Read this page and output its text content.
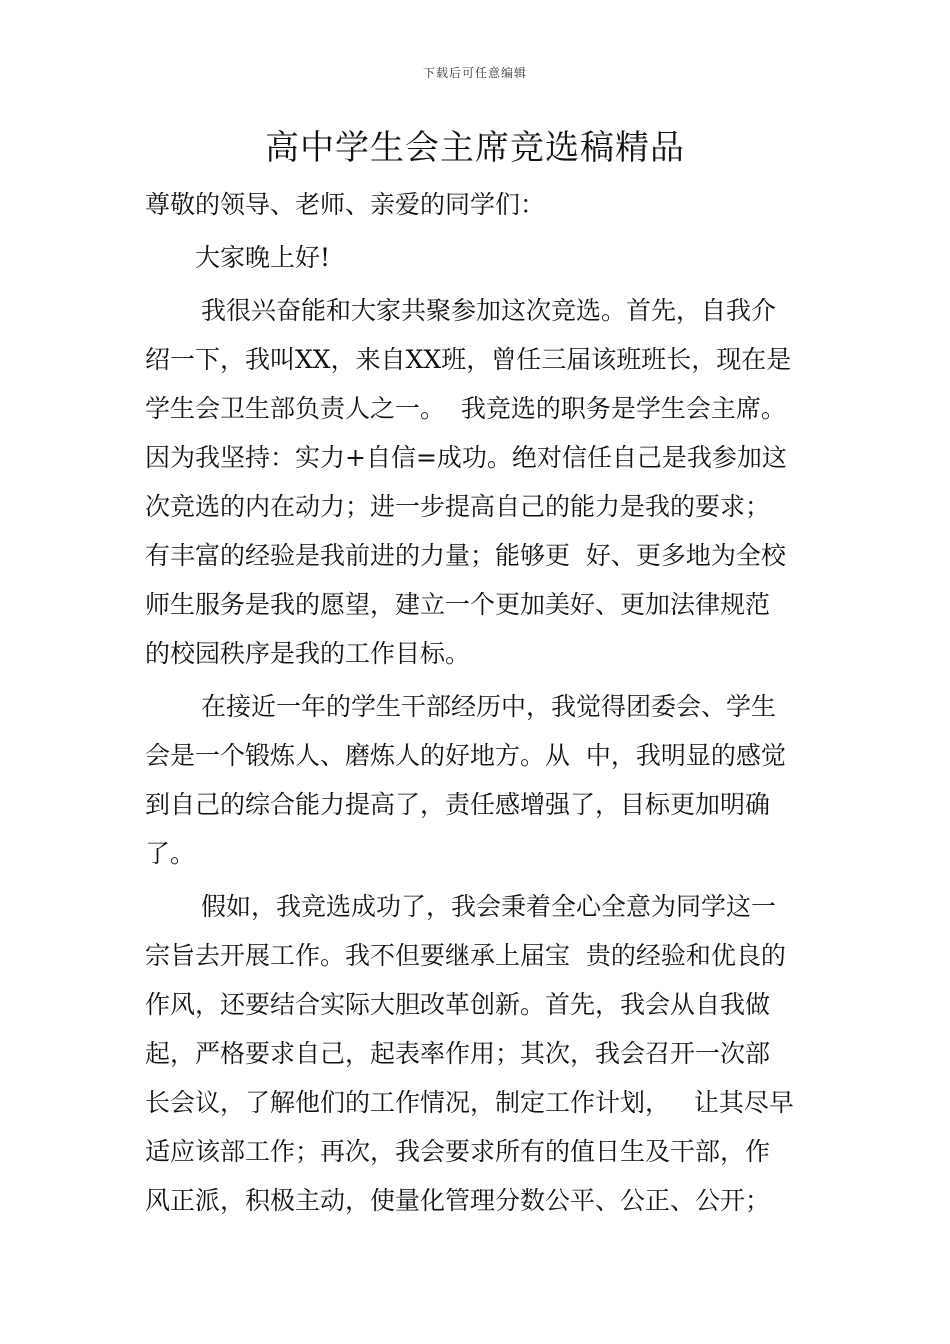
下载后可任意编辑
高中学生会主席竞选稿精品
尊敬的领导、老师、亲爱的同学们：
大家晚上好!
我很兴奋能和大家共聚参加这次竞选。首先，自我介
绍一下，我叫XX，来自XX班，曾任三届该班班长，现在是
学生会卫生部负责人之一。  我竞选的职务是学生会主席。
因为我坚持：实力+自信=成功。绝对信任自己是我参加这
次竞选的内在动力；进一步提高自己的能力是我的要求；
有丰富的经验是我前进的力量；能够更  好、更多地为全校
师生服务是我的愿望，建立一个更加美好、更加法律规范
的校园秩序是我的工作目标。
在接近一年的学生干部经历中，我觉得团委会、学生
会是一个锻炼人、磨炼人的好地方。从  中，我明显的感觉
到自己的综合能力提高了，责任感增强了，目标更加明确
了。
假如，我竞选成功了，我会秉着全心全意为同学这一
宗旨去开展工作。我不但要继承上届宝  贵的经验和优良的
作风，还要结合实际大胆改革创新。首先，我会从自我做
起，严格要求自己，起表率作用；其次，我会召开一次部
长会议，了解他们的工作情况，制定工作计划，   让其尽早
适应该部工作；再次，我会要求所有的值日生及干部，作
风正派，积极主动，使量化管理分数公平、公正、公开；
